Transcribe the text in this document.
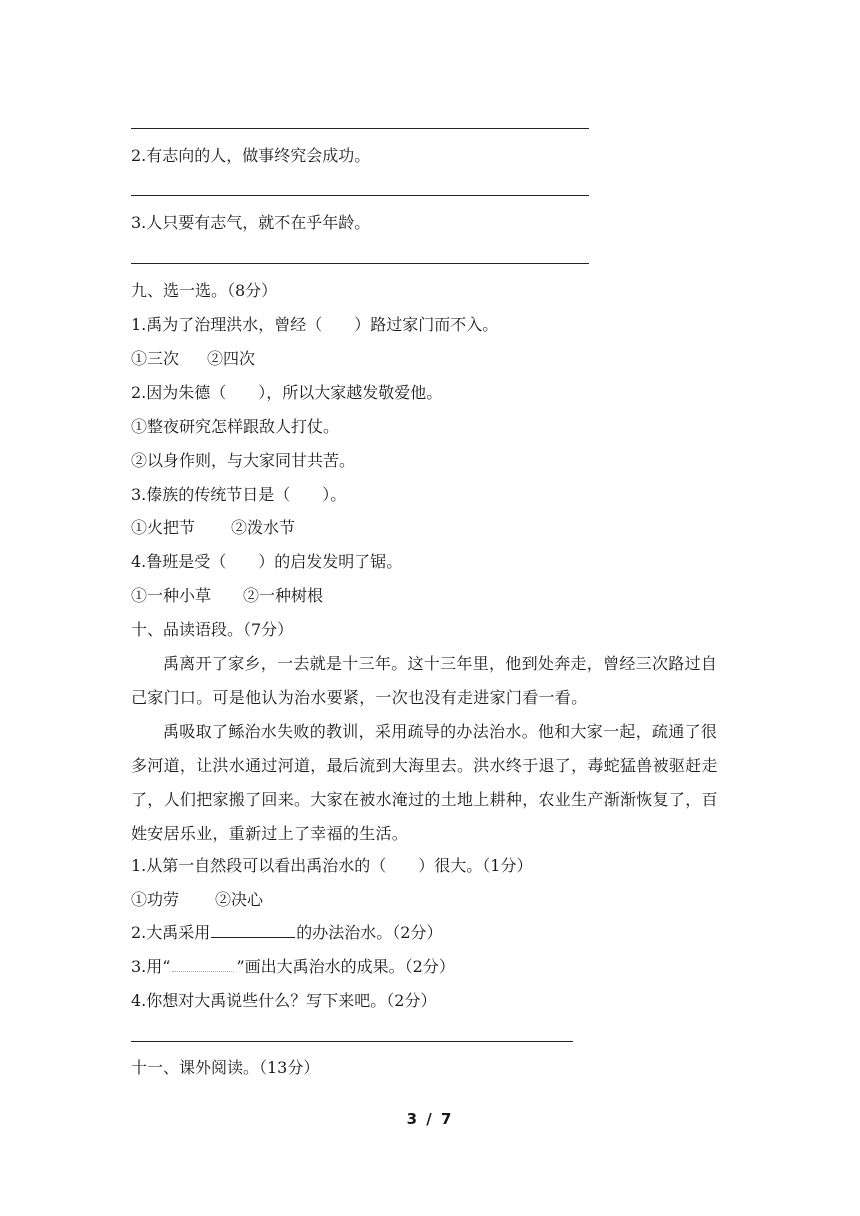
2.有志向的人，做事终究会成功。
3.人只要有志气，就不在乎年龄。
九、选一选。（8分）
1.禹为了治理洪水，曾经（　　）路过家门而不入。
①三次 ②四次
2.因为朱德（　　），所以大家越发敬爱他。
①整夜研究怎样跟敌人打仗。
②以身作则，与大家同甘共苦。
3.傣族的传统节日是（　　）。
①火把节 ②泼水节
4.鲁班是受（　　）的启发发明了锯。
①一种小草 ②一种树根
十、品读语段。（7分）
禹离开了家乡，一去就是十三年。这十三年里，他到处奔走，曾经三次路过自己家门口。可是他认为治水要紧，一次也没有走进家门看一看。
禹吸取了鲧治水失败的教训，采用疏导的办法治水。他和大家一起，疏通了很多河道，让洪水通过河道，最后流到大海里去。洪水终于退了，毒蛇猛兽被驱赶走了，人们把家搬了回来。大家在被水淹过的土地上耕种，农业生产渐渐恢复了，百姓安居乐业，重新过上了幸福的生活。
1.从第一自然段可以看出禹治水的（　　）很大。（1分）
①功劳 ②决心
2.大禹采用	的办法治水。（2分）
3.用“	”画出大禹治水的成果。（2分）
4.你想对大禹说些什么？写下来吧。（2分）
十一、课外阅读。（13分）
3 / 7
